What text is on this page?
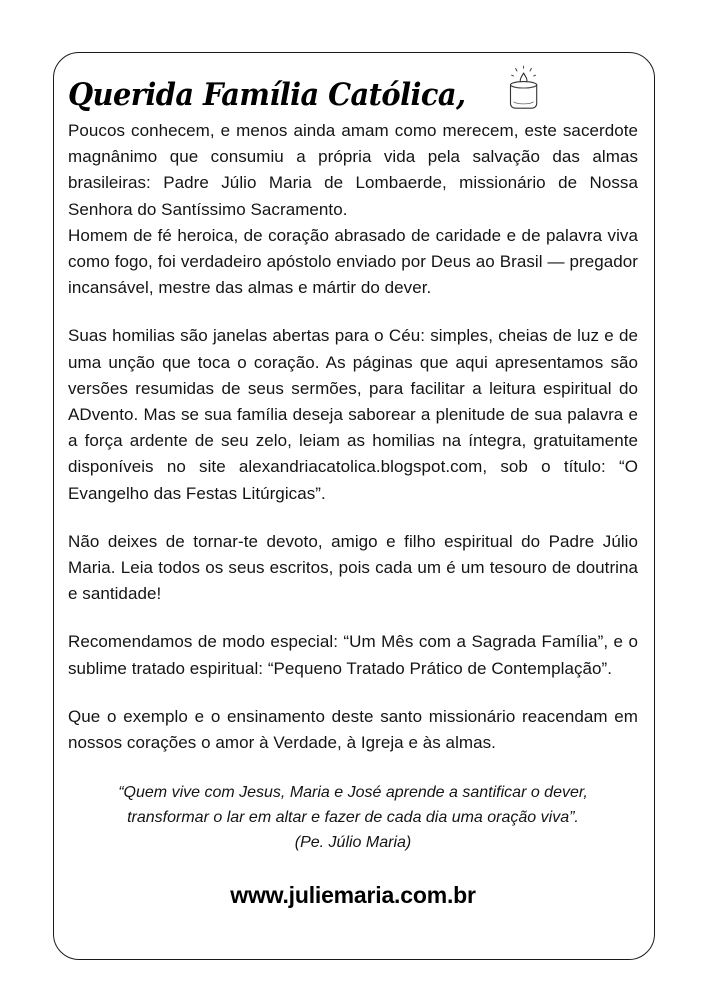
Querida Família Católica,

Poucos conhecem, e menos ainda amam como merecem, este sacerdote magnânimo que consumiu a própria vida pela salvação das almas brasileiras: Padre Júlio Maria de Lombaerde, missionário de Nossa Senhora do Santíssimo Sacramento.

Homem de fé heroica, de coração abrasado de caridade e de palavra viva como fogo, foi verdadeiro apóstolo enviado por Deus ao Brasil — pregador incansável, mestre das almas e mártir do dever.

Suas homilias são janelas abertas para o Céu: simples, cheias de luz e de uma unção que toca o coração. As páginas que aqui apresentamos são versões resumidas de seus sermões, para facilitar a leitura espiritual do ADvento. Mas se sua família deseja saborear a plenitude de sua palavra e a força ardente de seu zelo, leiam as homilias na íntegra, gratuitamente disponíveis no site alexandriacatolica.blogspot.com, sob o título: “O Evangelho das Festas Litúrgicas”.

Não deixes de tornar-te devoto, amigo e filho espiritual do Padre Júlio Maria. Leia todos os seus escritos, pois cada um é um tesouro de doutrina e santidade!

Recomendamos de modo especial: “Um Mês com a Sagrada Família”, e o sublime tratado espiritual: “Pequeno Tratado Prático de Contemplação”.

Que o exemplo e o ensinamento deste santo missionário reacendam em nossos corações o amor à Verdade, à Igreja e às almas.

“Quem vive com Jesus, Maria e José aprende a santificar o dever,
transformar o lar em altar e fazer de cada dia uma oração viva”.
(Pe. Júlio Maria)
www.juliemaria.com.br
